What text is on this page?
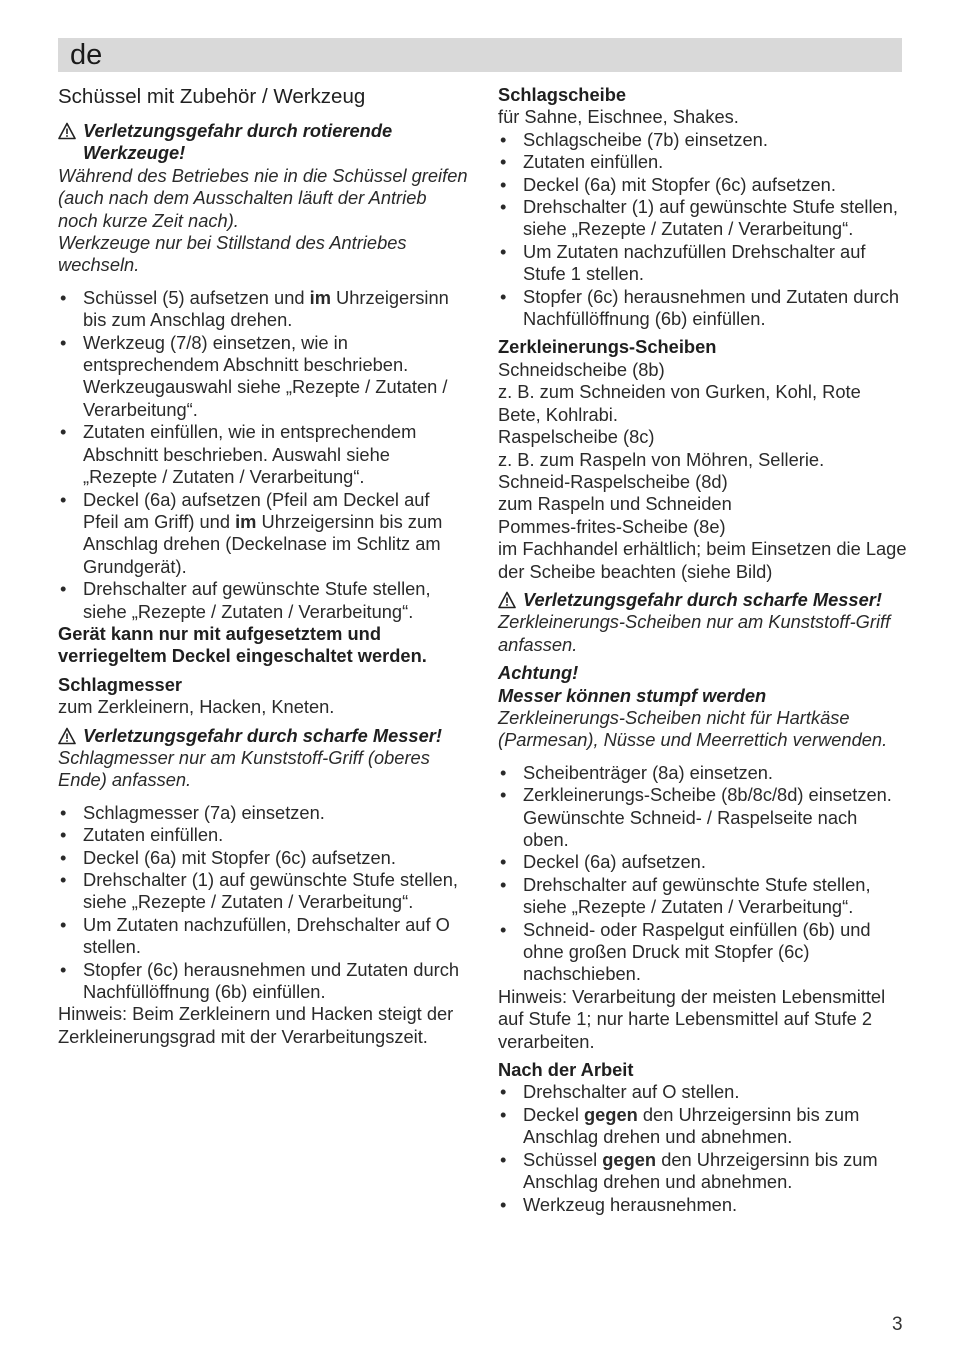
de

Schüssel mit Zubehör / Werkzeug

Verletzungsgefahr durch rotierende Werkzeuge!

Während des Betriebes nie in die Schüssel greifen (auch nach dem Ausschalten läuft der Antrieb noch kurze Zeit nach).

Werkzeuge nur bei Stillstand des Antriebes wechseln.

• Schüssel (5) aufsetzen und im Uhrzeigersinn bis zum Anschlag drehen.
• Werkzeug (7/8) einsetzen, wie in entsprechendem Abschnitt beschrieben. Werkzeugauswahl siehe „Rezepte / Zutaten / Verarbeitung“.
• Zutaten einfüllen, wie in entsprechendem Abschnitt beschrieben. Auswahl siehe „Rezepte / Zutaten / Verarbeitung“.
• Deckel (6a) aufsetzen (Pfeil am Deckel auf Pfeil am Griff) und im Uhrzeigersinn bis zum Anschlag drehen (Deckelnase im Schlitz am Grundgerät).
• Drehschalter auf gewünschte Stufe stellen, siehe „Rezepte / Zutaten / Verarbeitung“.

Gerät kann nur mit aufgesetztem und verriegeltem Deckel eingeschaltet werden.

Schlagmesser

zum Zerkleinern, Hacken, Kneten.

Verletzungsgefahr durch scharfe Messer!

Schlagmesser nur am Kunststoff-Griff (oberes Ende) anfassen.

• Schlagmesser (7a) einsetzen.
• Zutaten einfüllen.
• Deckel (6a) mit Stopfer (6c) aufsetzen.
• Drehschalter (1) auf gewünschte Stufe stellen, siehe „Rezepte / Zutaten / Verarbeitung“.
• Um Zutaten nachzufüllen, Drehschalter auf O stellen.
• Stopfer (6c) herausnehmen und Zutaten durch Nachfüllöffnung (6b) einfüllen.

Hinweis: Beim Zerkleinern und Hacken steigt der Zerkleinerungsgrad mit der Verarbeitungszeit.

Schlagscheibe

für Sahne, Eischnee, Shakes.

• Schlagscheibe (7b) einsetzen.
• Zutaten einfüllen.
• Deckel (6a) mit Stopfer (6c) aufsetzen.
• Drehschalter (1) auf gewünschte Stufe stellen, siehe „Rezepte / Zutaten / Verarbeitung“.
• Um Zutaten nachzufüllen Drehschalter auf Stufe 1 stellen.
• Stopfer (6c) herausnehmen und Zutaten durch Nachfüllöffnung (6b) einfüllen.

Zerkleinerungs-Scheiben

Schneidscheibe (8b)

z. B. zum Schneiden von Gurken, Kohl, Rote Bete, Kohlrabi.

Raspelscheibe (8c)

z. B. zum Raspeln von Möhren, Sellerie.

Schneid-Raspelscheibe (8d)

zum Raspeln und Schneiden

Pommes-frites-Scheibe (8e)

im Fachhandel erhältlich; beim Einsetzen die Lage der Scheibe beachten (siehe Bild)

Verletzungsgefahr durch scharfe Messer!

Zerkleinerungs-Scheiben nur am Kunststoff-Griff anfassen.

Achtung!

Messer können stumpf werden

Zerkleinerungs-Scheiben nicht für Hartkäse (Parmesan), Nüsse und Meerrettich verwenden.

• Scheibenträger (8a) einsetzen.
• Zerkleinerungs-Scheibe (8b/8c/8d) einsetzen. Gewünschte Schneid- / Raspelseite nach oben.
• Deckel (6a) aufsetzen.
• Drehschalter auf gewünschte Stufe stellen, siehe „Rezepte / Zutaten / Verarbeitung“.
• Schneid- oder Raspelgut einfüllen (6b) und ohne großen Druck mit Stopfer (6c) nachschieben.

Hinweis: Verarbeitung der meisten Lebensmittel auf Stufe 1; nur harte Lebensmittel auf Stufe 2 verarbeiten.

Nach der Arbeit

• Drehschalter auf O stellen.
• Deckel gegen den Uhrzeigersinn bis zum Anschlag drehen und abnehmen.
• Schüssel gegen den Uhrzeigersinn bis zum Anschlag drehen und abnehmen.
• Werkzeug herausnehmen.
3
